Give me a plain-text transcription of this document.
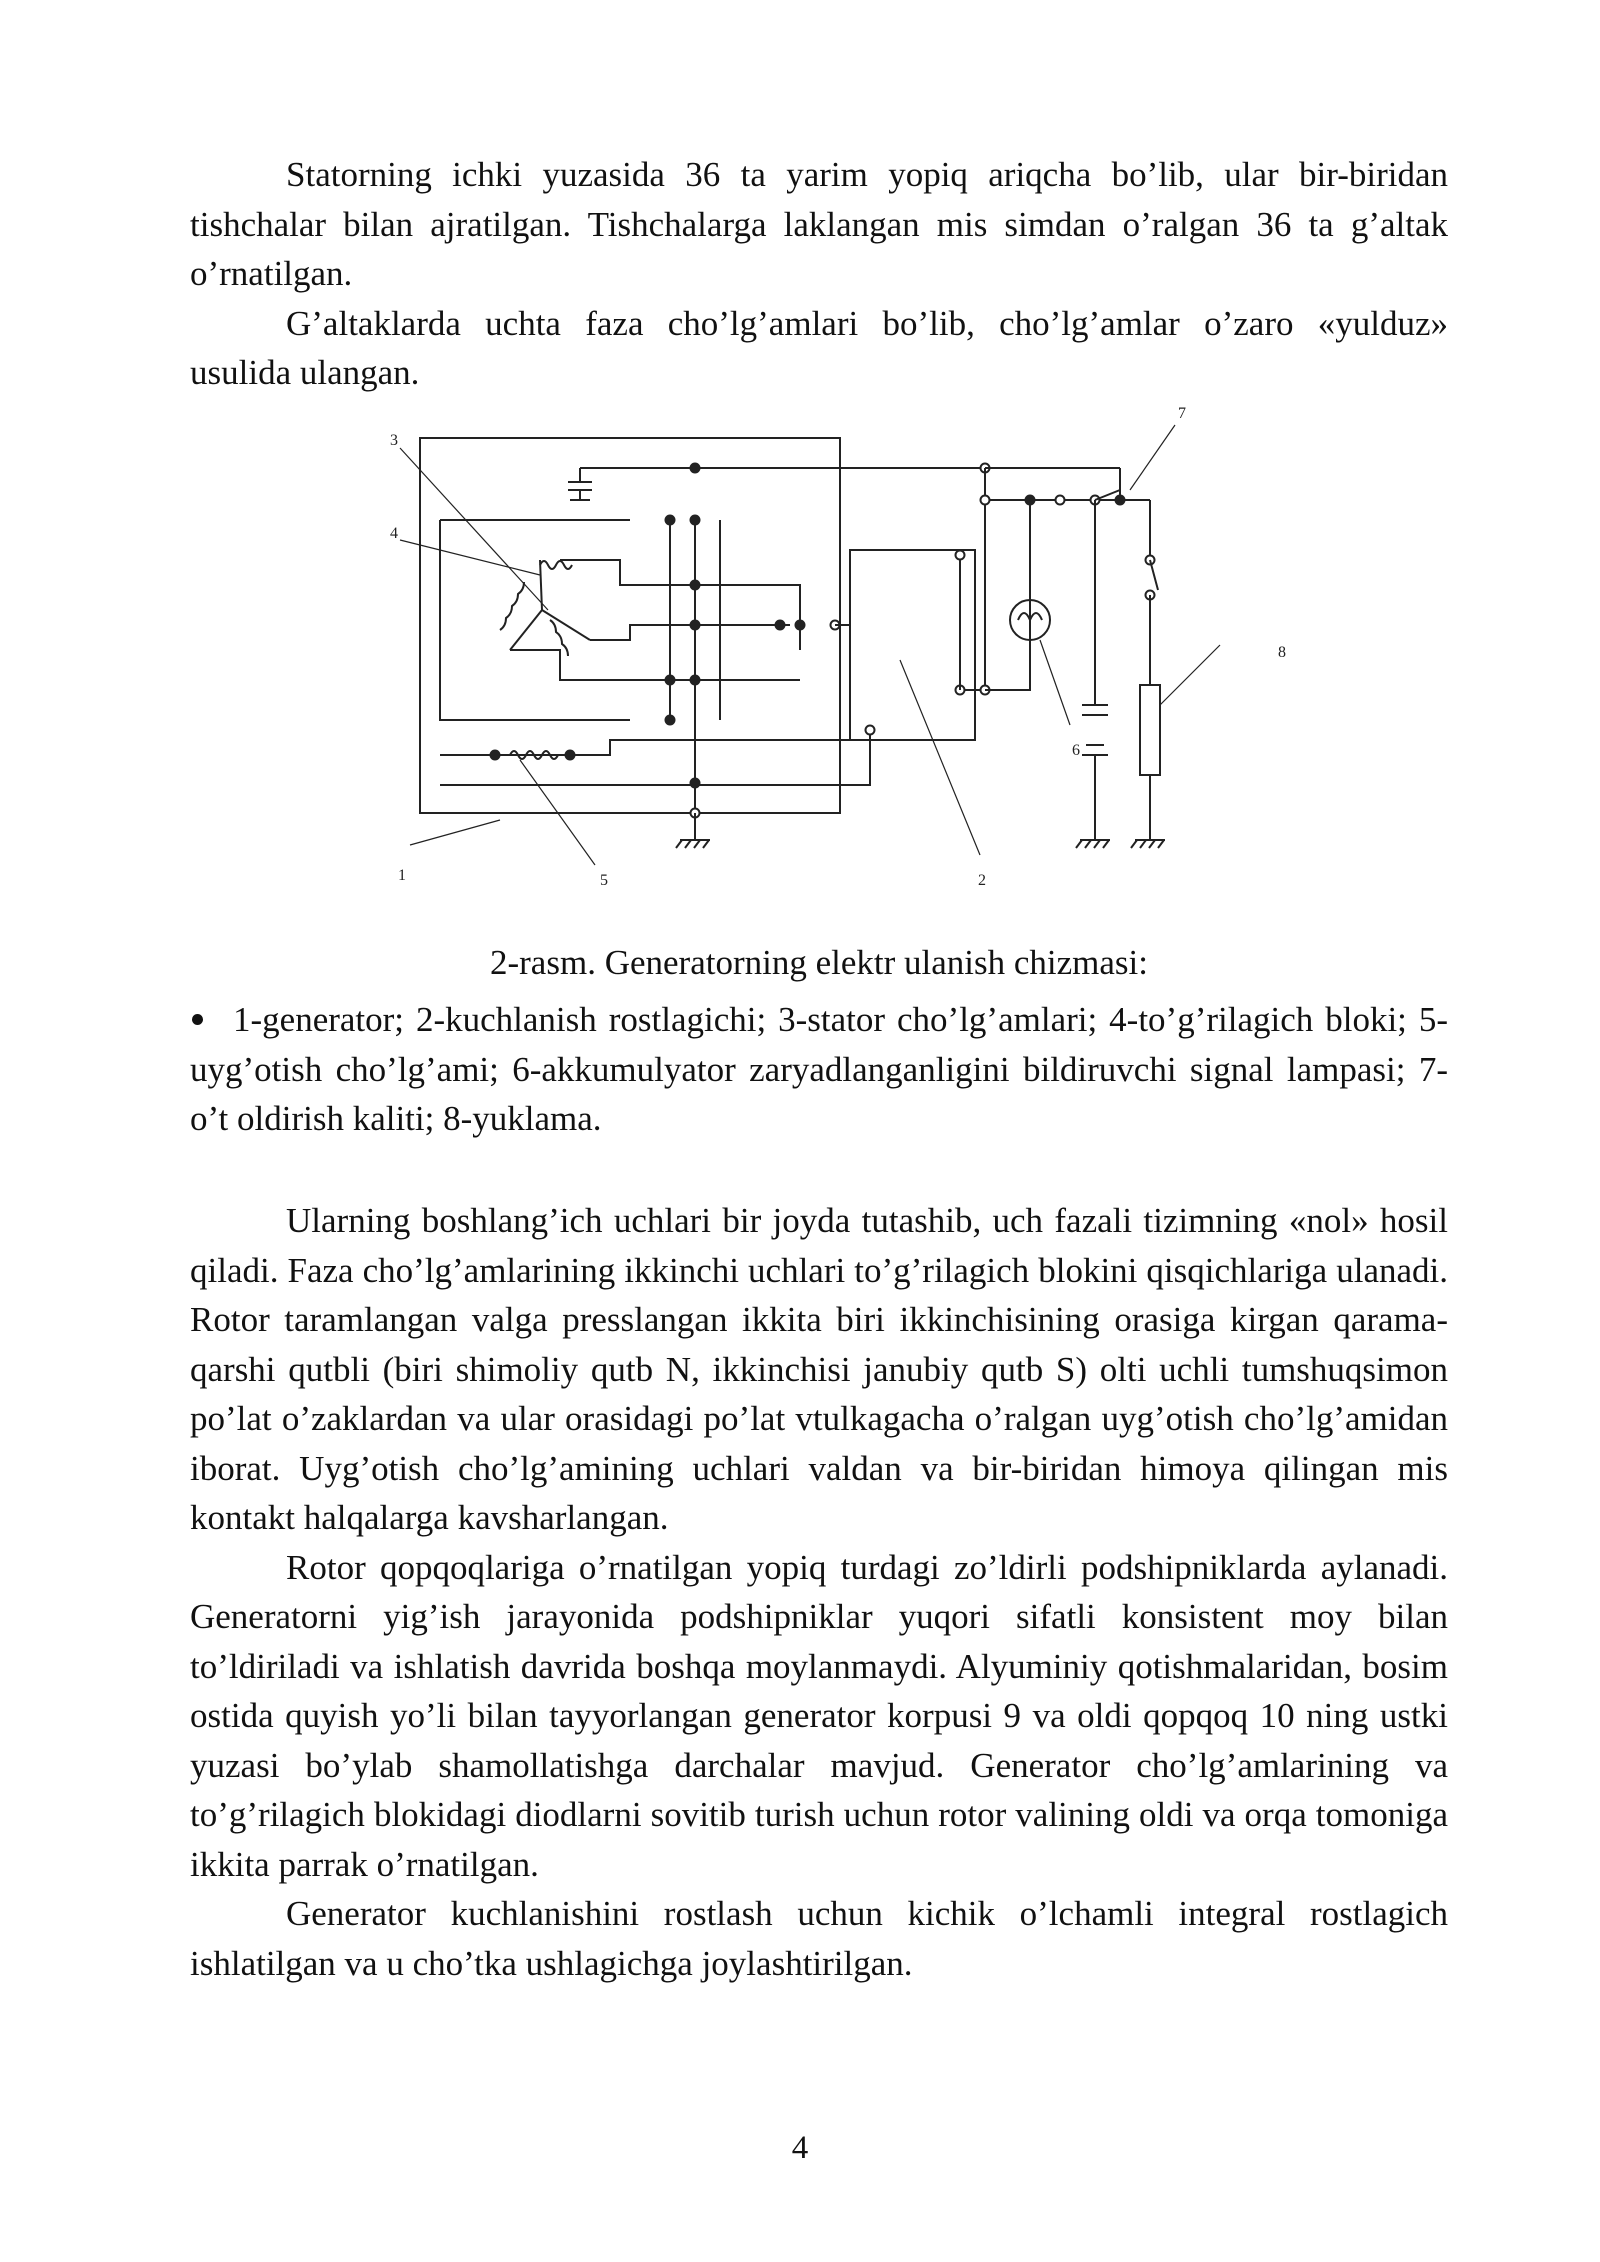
Statorning ichki yuzasida 36 ta yarim yopiq ariqcha bo’lib, ular bir-biridan tishchalar bilan ajratilgan. Tishchalarga laklangan mis simdan o’ralgan 36 ta g’altak o’rnatilgan.

G’altaklarda uchta faza cho’lg’amlari bo’lib, cho’lg’amlar o’zaro «yulduz» usulida ulangan.

1	2
3
4
5
6
7
8
2-rasm. Generatorning elektr ulanish chizmasi:

1-generator; 2-kuchlanish rostlagichi; 3-stator cho’lg’amlari; 4-to’g’rilagich bloki; 5-uyg’otish cho’lg’ami; 6-akkumulyator zaryadlanganligini bildiruvchi signal lampasi; 7-o’t oldirish kaliti; 8-yuklama.

Ularning boshlang’ich uchlari bir joyda tutashib, uch fazali tizimning «nol» hosil qiladi. Faza cho’lg’amlarining ikkinchi uchlari to’g’rilagich blokini qisqichlariga ulanadi. Rotor taramlangan valga presslangan ikkita biri ikkinchisining orasiga kirgan qarama-qarshi qutbli (biri shimoliy qutb N, ikkinchisi janubiy qutb S) olti uchli tumshuqsimon po’lat o’zaklardan va ular orasidagi po’lat vtulkagacha o’ralgan uyg’otish cho’lg’amidan iborat. Uyg’otish cho’lg’amining uchlari valdan va bir-biridan himoya qilingan mis kontakt halqalarga kavsharlangan.

Rotor qopqoqlariga o’rnatilgan yopiq turdagi zo’ldirli podshipniklarda aylanadi. Generatorni yig’ish jarayonida podshipniklar yuqori sifatli konsistent moy bilan to’ldiriladi va ishlatish davrida boshqa moylanmaydi. Alyuminiy qotishmalaridan, bosim ostida quyish yo’li bilan tayyorlangan generator korpusi 9 va oldi qopqoq 10 ning ustki yuzasi bo’ylab shamollatishga darchalar mavjud. Generator cho’lg’amlarining va to’g’rilagich blokidagi diodlarni sovitib turish uchun rotor valining oldi va orqa tomoniga ikkita parrak o’rnatilgan.

Generator kuchlanishini rostlash uchun kichik o’lchamli integral rostlagich ishlatilgan va u cho’tka ushlagichga joylashtirilgan.

4
